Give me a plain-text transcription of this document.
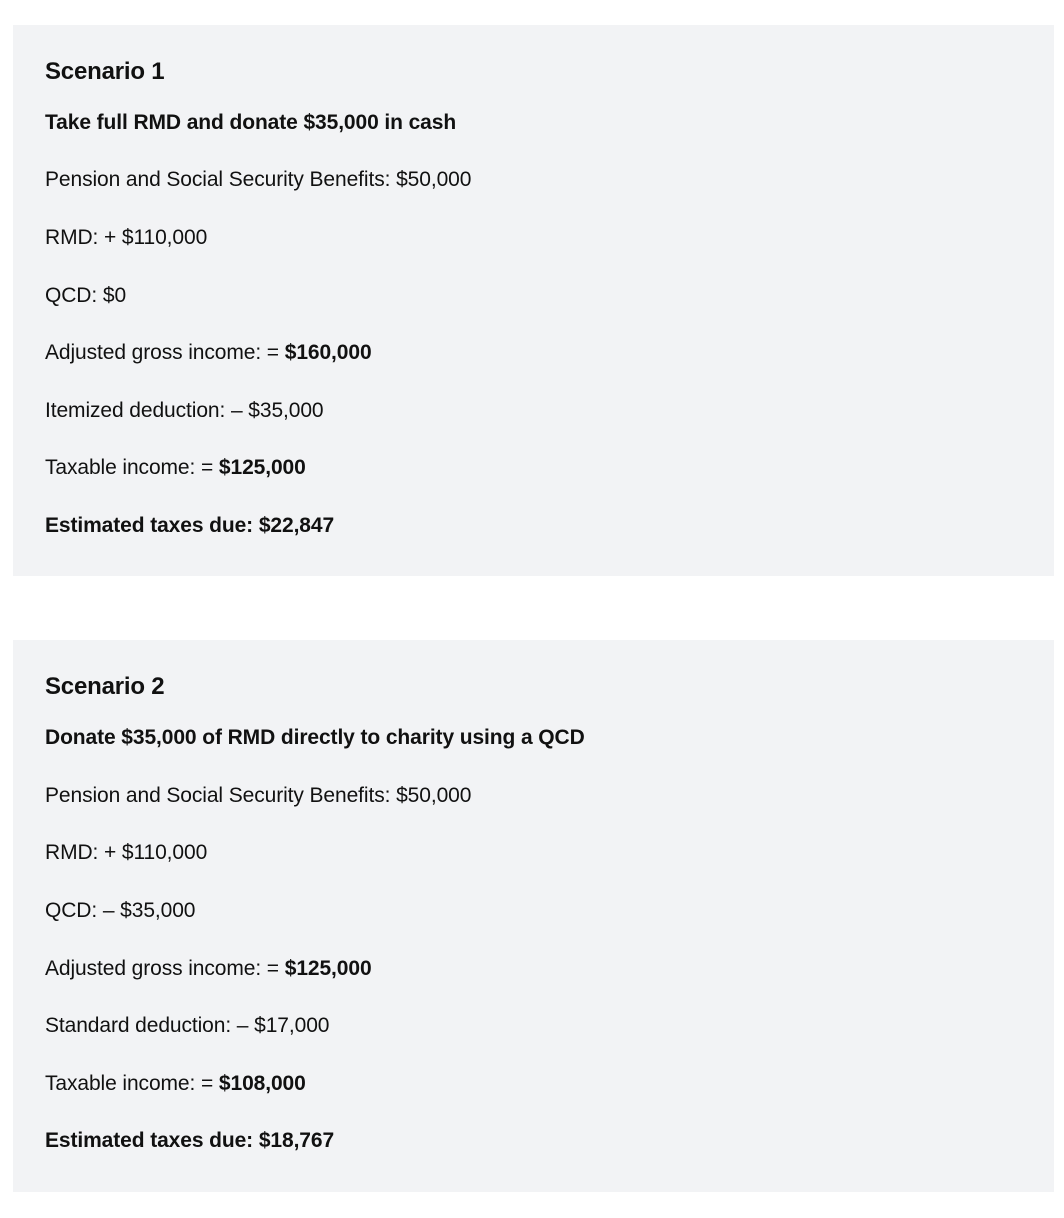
Scenario 1
Take full RMD and donate $35,000 in cash
Pension and Social Security Benefits: $50,000
RMD: + $110,000
QCD: $0
Adjusted gross income: = $160,000
Itemized deduction: – $35,000
Taxable income: = $125,000
Estimated taxes due: $22,847
Scenario 2
Donate $35,000 of RMD directly to charity using a QCD
Pension and Social Security Benefits: $50,000
RMD: + $110,000
QCD: – $35,000
Adjusted gross income: = $125,000
Standard deduction: – $17,000
Taxable income: = $108,000
Estimated taxes due: $18,767
